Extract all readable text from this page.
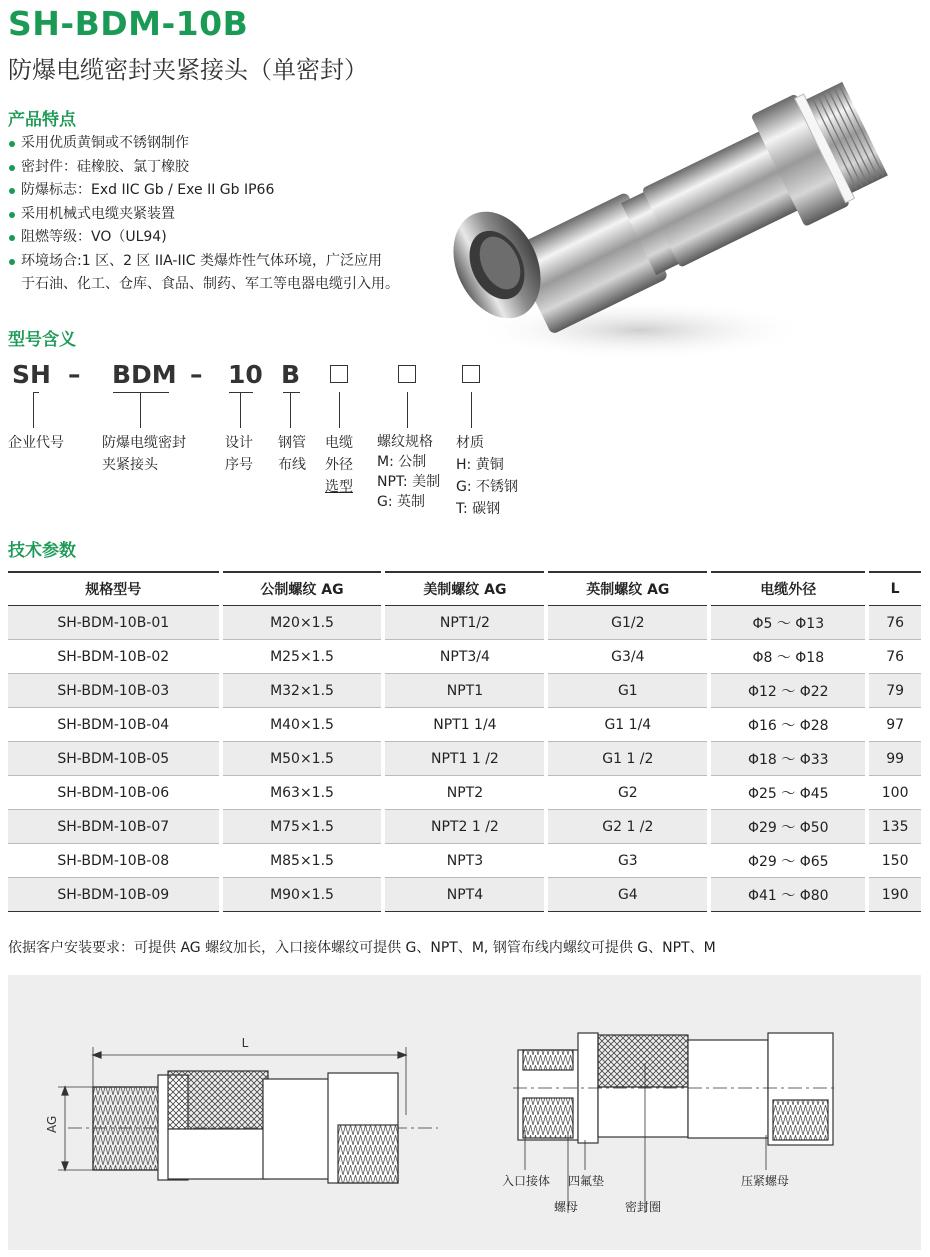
SH-BDM-10B
防爆电缆密封夹紧接头（单密封）
产品特点
采用优质黄铜或不锈钢制作
密封件：硅橡胶、氯丁橡胶
防爆标志：Exd IIC Gb / Exe II Gb IP66
采用机械式电缆夹紧装置
阻燃等级：VO（UL94)
环境场合:1 区、2 区 IIA-IIC 类爆炸性气体环境，广泛应用
于石油、化工、仓库、食品、制药、军工等电器电缆引入用。
型号含义
SH – BDM – 10 B
企业代号	防爆电缆密封
夹紧接头
设计
序号
钢管
布线
电缆
外径
选型
螺纹规格
M: 公制
NPT: 美制
G: 英制
材质
H: 黄铜
G: 不锈钢
T: 碳钢
技术参数
规格型号	公制螺纹 AG	美制螺纹 AG	英制螺纹 AG	电缆外径	L
SH-BDM-10B-01	M20×1.5	NPT1/2	G1/2	Φ5 ～ Φ13	76
SH-BDM-10B-02	M25×1.5	NPT3/4	G3/4	Φ8 ～ Φ18	76
SH-BDM-10B-03	M32×1.5	NPT1	G1	Φ12 ～ Φ22	79
SH-BDM-10B-04	M40×1.5	NPT1 1/4	G1 1/4	Φ16 ～ Φ28	97
SH-BDM-10B-05	M50×1.5	NPT1 1 /2	G1 1 /2	Φ18 ～ Φ33	99
SH-BDM-10B-06	M63×1.5	NPT2	G2	Φ25 ～ Φ45	100
SH-BDM-10B-07	M75×1.5	NPT2 1 /2	G2 1 /2	Φ29 ～ Φ50	135
SH-BDM-10B-08	M85×1.5	NPT3	G3	Φ29 ～ Φ65	150
SH-BDM-10B-09	M90×1.5	NPT4	G4	Φ41 ～ Φ80	190
依据客户安装要求：可提供 AG 螺纹加长，入口接体螺纹可提供 G、NPT、M, 钢管布线内螺纹可提供 G、NPT、M
L
AG
入口接体 四氟垫	压紧螺母
螺母	密封圈
